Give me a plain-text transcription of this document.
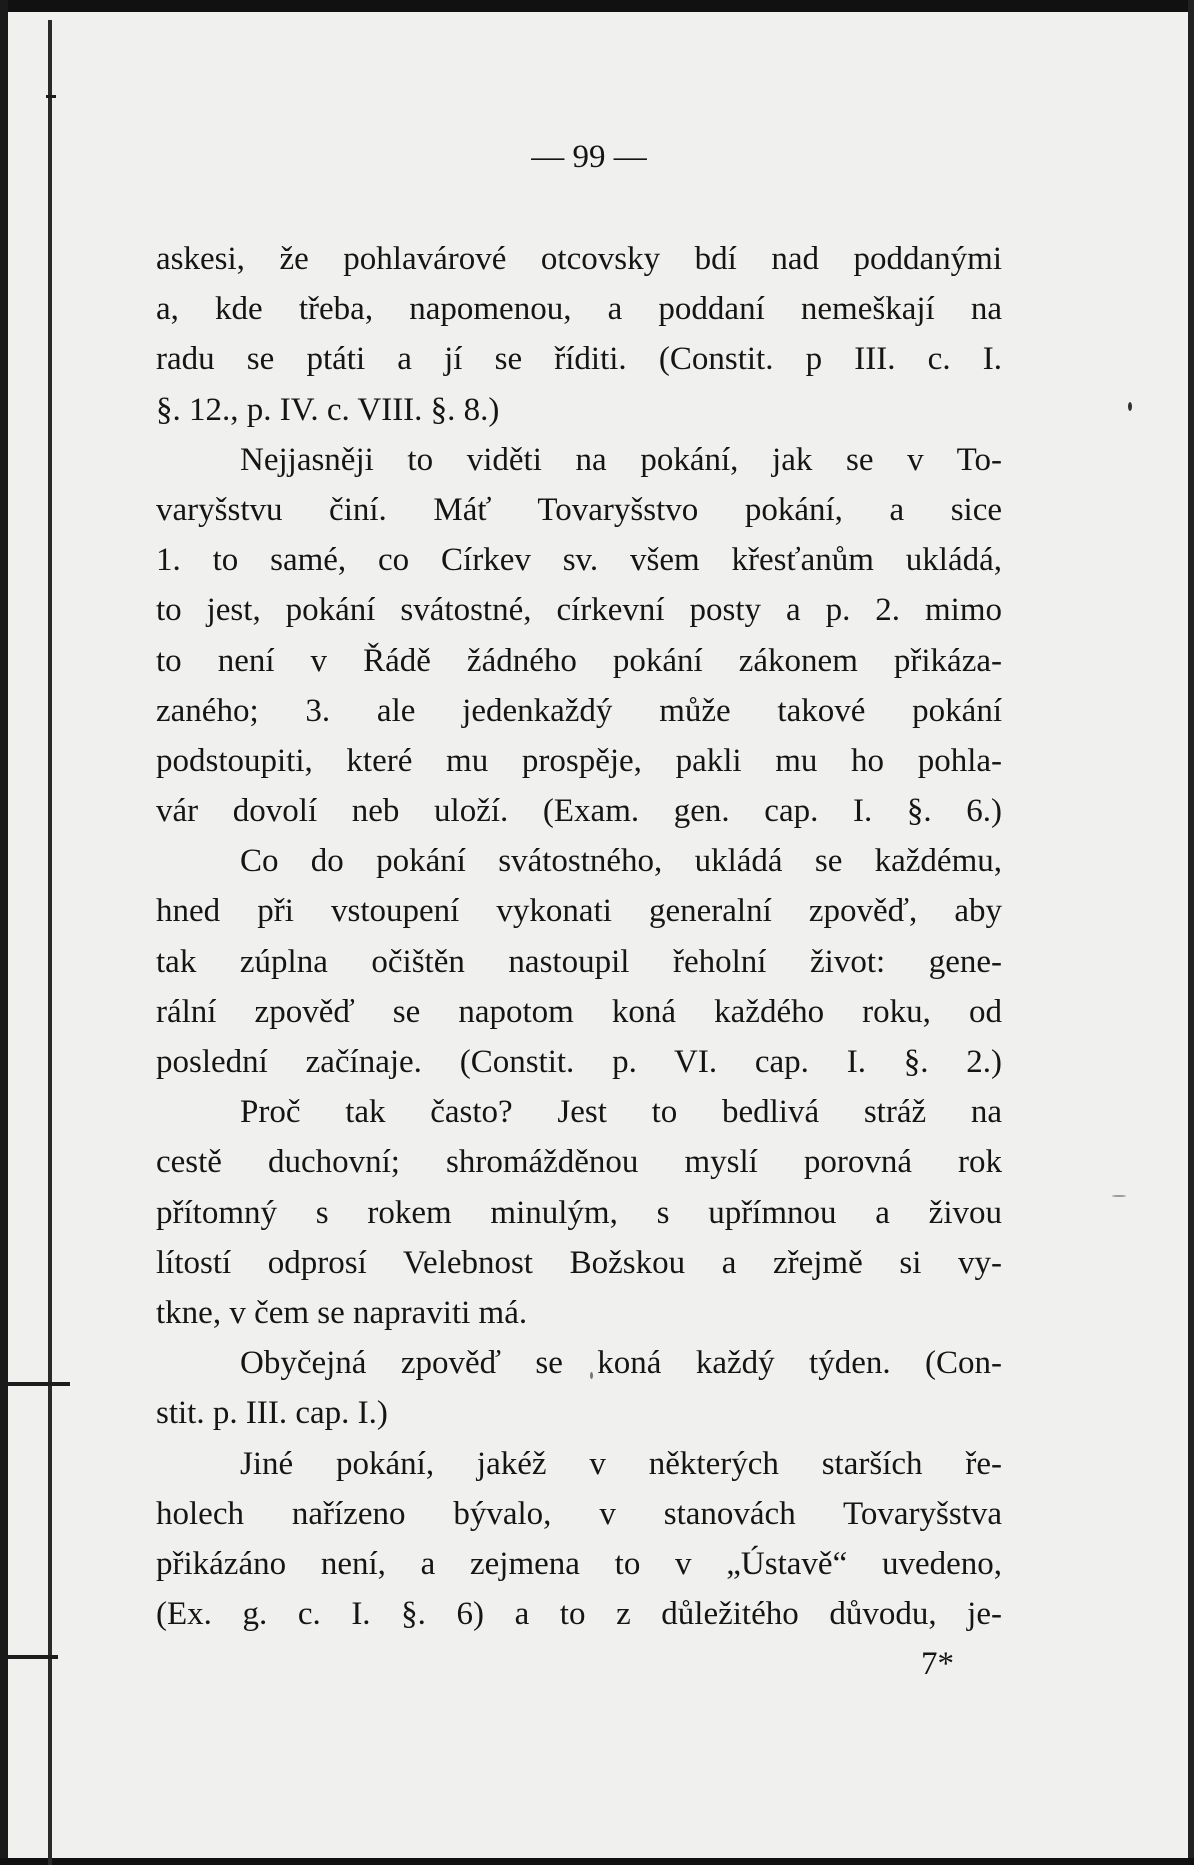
— 99 —
askesi, že pohlavárové otcovsky bdí nad poddanými
a, kde třeba, napomenou, a poddaní nemeškají na
radu se ptáti a jí se říditi. (Constit. p III. c. I.
§. 12., p. IV. c. VIII. §. 8.)
Nejjasněji to viděti na pokání, jak se v To-
varyšstvu činí. Máť Tovaryšstvo pokání, a sice
1. to samé, co Církev sv. všem křesťanům ukládá,
to jest, pokání svátostné, církevní posty a p. 2. mimo
to není v Řádě žádného pokání zákonem přikáza-
zaného; 3. ale jedenkaždý může takové pokání
podstoupiti, které mu prospěje, pakli mu ho pohla-
vár dovolí neb uloží. (Exam. gen. cap. I. §. 6.)
Co do pokání svátostného, ukládá se každému,
hned při vstoupení vykonati generalní zpověď, aby
tak zúplna očištěn nastoupil řeholní život: gene-
rální zpověď se napotom koná každého roku, od
poslední začínaje. (Constit. p. VI. cap. I. §. 2.)
Proč tak často? Jest to bedlivá stráž na
cestě duchovní; shromážděnou myslí porovná rok
přítomný s rokem minulým, s upřímnou a živou
lítostí odprosí Velebnost Božskou a zřejmě si vy-
tkne, v čem se napraviti má.
Obyčejná zpověď se koná každý týden. (Con-
stit. p. III. cap. I.)
Jiné pokání, jakéž v některých starších ře-
holech nařízeno bývalo, v stanovách Tovaryšstva
přikázáno není, a zejmena to v „Ústavě“ uvedeno,
(Ex. g. c. I. §. 6) a to z důležitého důvodu, je-
7*
